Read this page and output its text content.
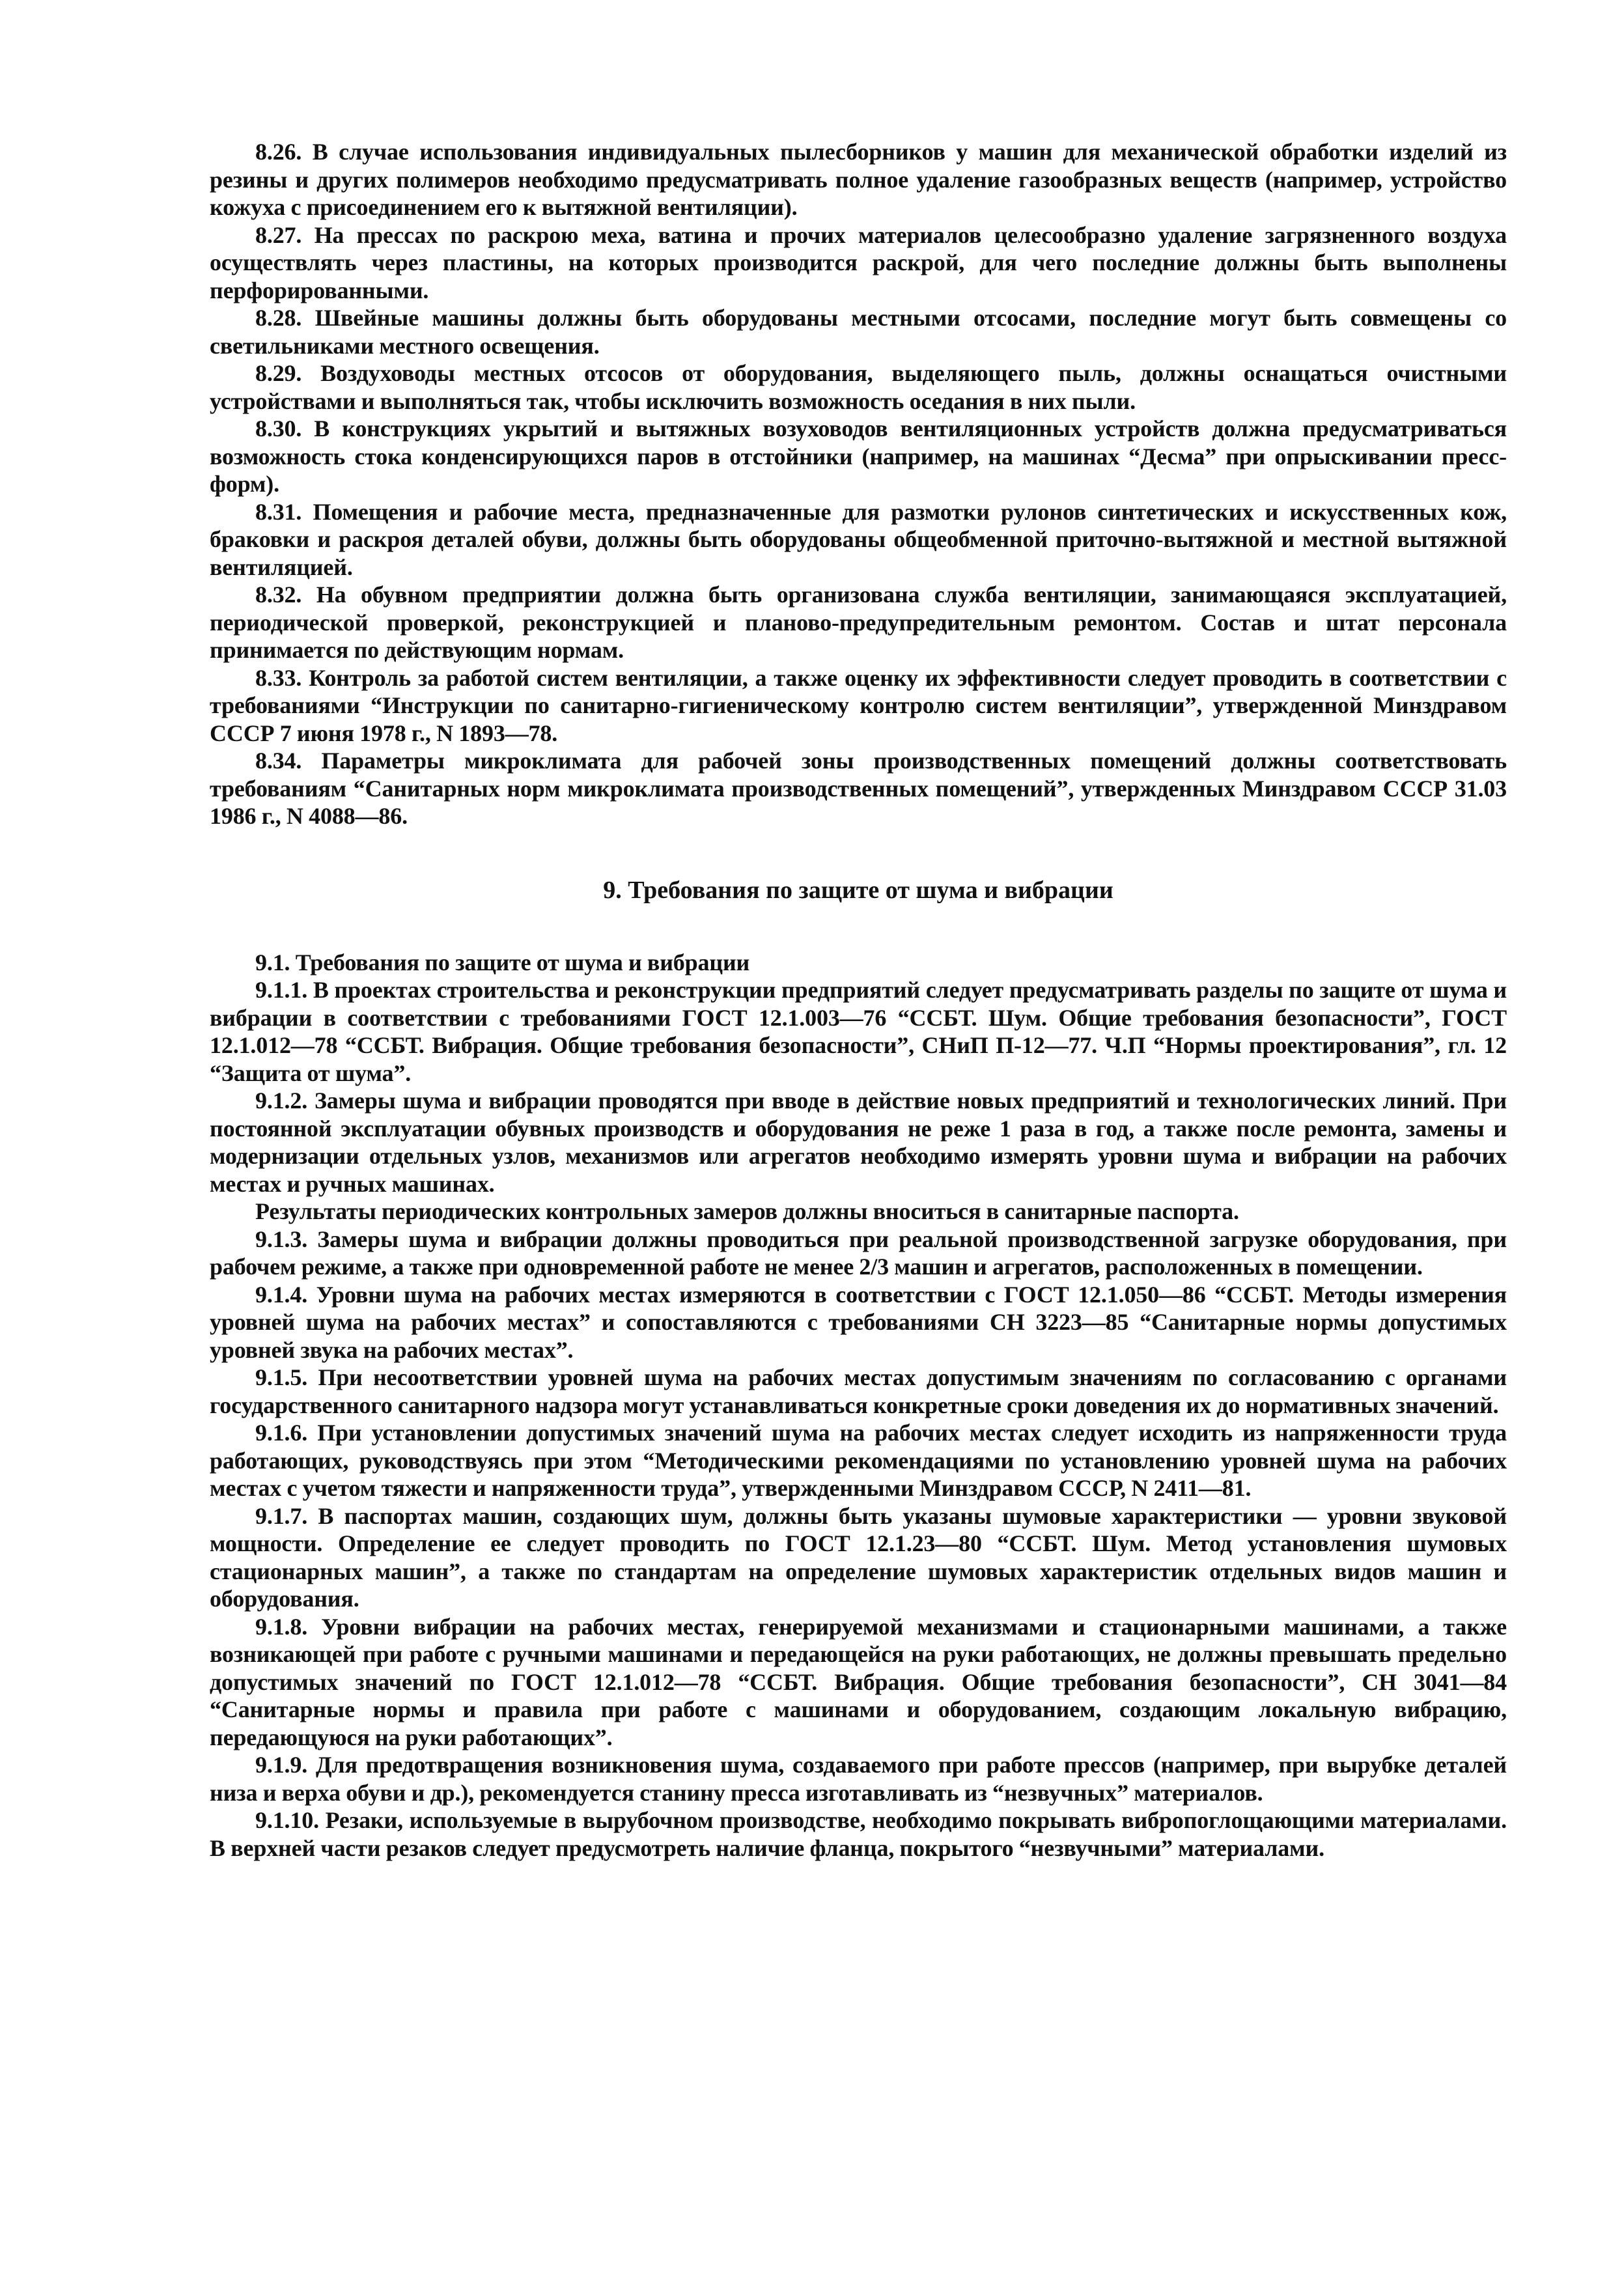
8.26. В случае использования индивидуальных пылесборников у машин для механической обработки изделий из резины и других полимеров необходимо предусматривать полное удаление газообразных веществ (например, устройство кожуха с присоединением его к вытяжной вентиляции).

8.27. На прессах по раскрою меха, ватина и прочих материалов целесообразно удаление загрязненного воздуха осуществлять через пластины, на которых производится раскрой, для чего последние должны быть выполнены перфорированными.

8.28. Швейные машины должны быть оборудованы местными отсосами, последние могут быть совмещены со светильниками местного освещения.

8.29. Воздуховоды местных отсосов от оборудования, выделяющего пыль, должны оснащаться очистными устройствами и выполняться так, чтобы исключить возможность оседания в них пыли.

8.30. В конструкциях укрытий и вытяжных возуховодов вентиляционных устройств должна предусматриваться возможность стока конденсирующихся паров в отстойники (например, на машинах “Десма” при опрыскивании пресс-форм).

8.31. Помещения и рабочие места, предназначенные для размотки рулонов синтетических и искусственных кож, браковки и раскроя деталей обуви, должны быть оборудованы общеобменной приточно-вытяжной и местной вытяжной вентиляцией.

8.32. На обувном предприятии должна быть организована служба вентиляции, занимающаяся эксплуатацией, периодической проверкой, реконструкцией и планово-предупредительным ремонтом. Состав и штат персонала принимается по действующим нормам.

8.33. Контроль за работой систем вентиляции, а также оценку их эффективности следует проводить в соответствии с требованиями “Инструкции по санитарно-гигиеническому контролю систем вентиляции”, утвержденной Минздравом СССР 7 июня 1978 г., N 1893—78.

8.34. Параметры микроклимата для рабочей зоны производственных помещений должны соответствовать требованиям “Санитарных норм микроклимата производственных помещений”, утвержденных Минздравом СССР 31.03 1986 г., N 4088—86.

9. Требования по защите от шума и вибрации

9.1. Требования по защите от шума и вибрации

9.1.1. В проектах строительства и реконструкции предприятий следует предусматривать разделы по защите от шума и вибрации в соответствии с требованиями ГОСТ 12.1.003—76 “ССБТ. Шум. Общие требования безопасности”, ГОСТ 12.1.012—78 “ССБТ. Вибрация. Общие требования безопасности”, СНиП П-12—77. Ч.П “Нормы проектирования”, гл. 12 “Защита от шума”.

9.1.2. Замеры шума и вибрации проводятся при вводе в действие новых предприятий и технологических линий. При постоянной эксплуатации обувных производств и оборудования не реже 1 раза в год, а также после ремонта, замены и модернизации отдельных узлов, механизмов или агрегатов необходимо измерять уровни шума и вибрации на рабочих местах и ручных машинах.

Результаты периодических контрольных замеров должны вноситься в санитарные паспорта.

9.1.3. Замеры шума и вибрации должны проводиться при реальной производственной загрузке оборудования, при рабочем режиме, а также при одновременной работе не менее 2/3 машин и агрегатов, расположенных в помещении.

9.1.4. Уровни шума на рабочих местах измеряются в соответствии с ГОСТ 12.1.050—86 “ССБТ. Методы измерения уровней шума на рабочих местах” и сопоставляются с требованиями СН 3223—85 “Санитарные нормы допустимых уровней звука на рабочих местах”.

9.1.5. При несоответствии уровней шума на рабочих местах допустимым значениям по согласованию с органами государственного санитарного надзора могут устанавливаться конкретные сроки доведения их до нормативных значений.

9.1.6. При установлении допустимых значений шума на рабочих местах следует исходить из напряженности труда работающих, руководствуясь при этом “Методическими рекомендациями по установлению уровней шума на рабочих местах с учетом тяжести и напряженности труда”, утвержденными Минздравом СССР, N 2411—81.

9.1.7. В паспортах машин, создающих шум, должны быть указаны шумовые характеристики — уровни звуковой мощности. Определение ее следует проводить по ГОСТ 12.1.23—80 “ССБТ. Шум. Метод установления шумовых стационарных машин”, а также по стандартам на определение шумовых характеристик отдельных видов машин и оборудования.

9.1.8. Уровни вибрации на рабочих местах, генерируемой механизмами и стационарными машинами, а также возникающей при работе с ручными машинами и передающейся на руки работающих, не должны превышать предельно допустимых значений по ГОСТ 12.1.012—78 “ССБТ. Вибрация. Общие требования безопасности”, СН 3041—84 “Санитарные нормы и правила при работе с машинами и оборудованием, создающим локальную вибрацию, передающуюся на руки работающих”.

9.1.9. Для предотвращения возникновения шума, создаваемого при работе прессов (например, при вырубке деталей низа и верха обуви и др.), рекомендуется станину пресса изготавливать из “незвучных” материалов.

9.1.10. Резаки, используемые в вырубочном производстве, необходимо покрывать вибропоглощающими материалами. В верхней части резаков следует предусмотреть наличие фланца, покрытого “незвучными” материалами.
